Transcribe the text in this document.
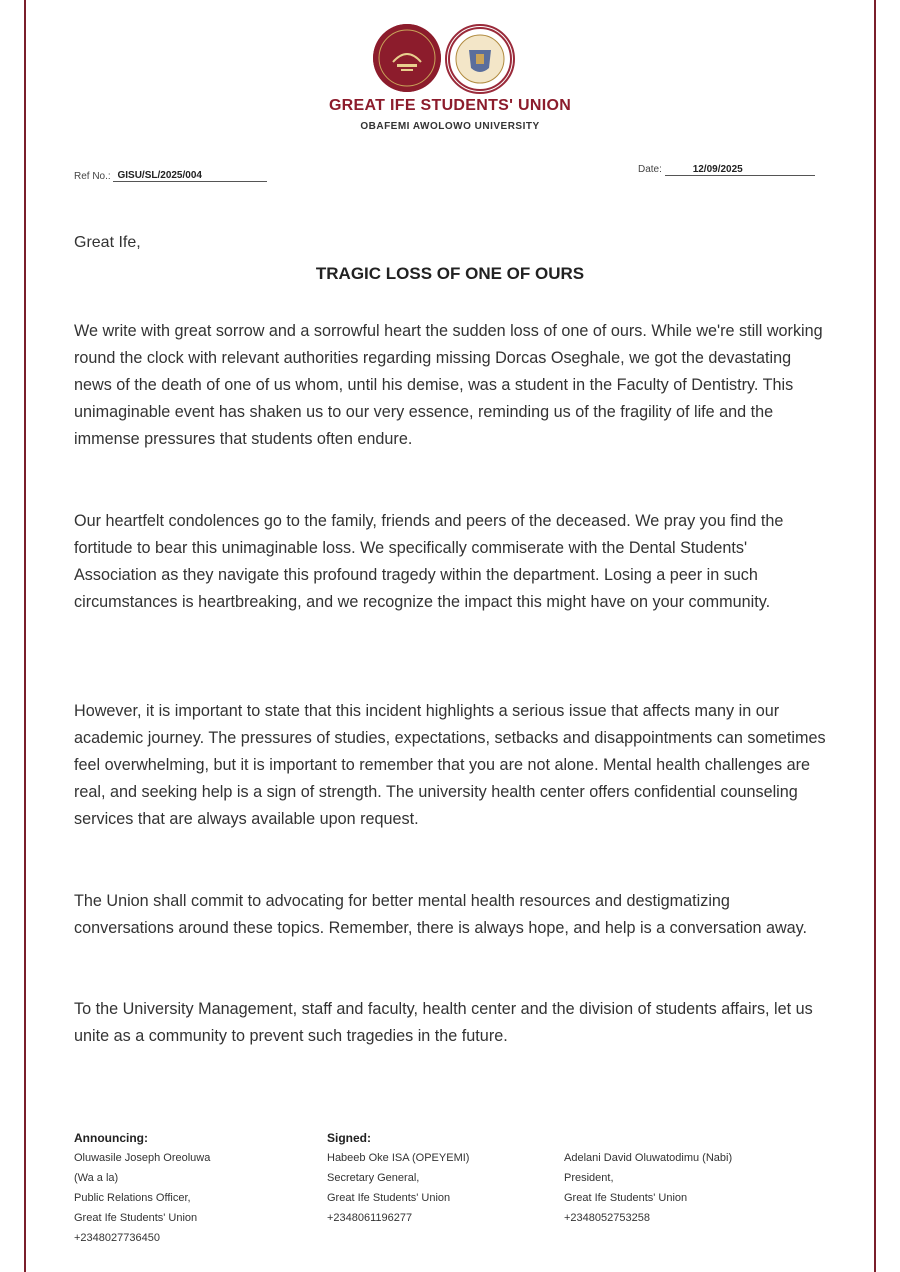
GREAT IFE STUDENTS' UNION
OBAFEMI AWOLOWO UNIVERSITY
Ref No.: GISU/SL/2025/004
Date:	12/09/2025
Great Ife,
TRAGIC LOSS OF ONE OF OURS
We write with great sorrow and a sorrowful heart the sudden loss of one of ours. While we're still working round the clock with relevant authorities regarding missing Dorcas Oseghale, we got the devastating news of the death of one of us whom, until his demise, was a student in the Faculty of Dentistry. This unimaginable event has shaken us to our very essence, reminding us of the fragility of life and the immense pressures that students often endure.
Our heartfelt condolences go to the family, friends and peers of the deceased. We pray you find the fortitude to bear this unimaginable loss. We specifically commiserate with the Dental Students' Association as they navigate this profound tragedy within the department. Losing a peer in such circumstances is heartbreaking, and we recognize the impact this might have on your community.
However, it is important to state that this incident highlights a serious issue that affects many in our academic journey. The pressures of studies, expectations, setbacks and disappointments can sometimes feel overwhelming, but it is important to remember that you are not alone. Mental health challenges are real, and seeking help is a sign of strength. The university health center offers confidential counseling services that are always available upon request.
The Union shall commit to advocating for better mental health resources and destigmatizing conversations around these topics. Remember, there is always hope, and help is a conversation away.
To the University Management, staff and faculty, health center and the division of students affairs, let us unite as a community to prevent such tragedies in the future.
Announcing:
Oluwasile Joseph Oreoluwa
(Wa a la)
Public Relations Officer,
Great Ife Students' Union
+2348027736450
Signed:
Habeeb Oke ISA (OPEYEMI)
Secretary General,
Great Ife Students' Union
+2348061196277
Adelani David Oluwatodimu (Nabi)
President,
Great Ife Students' Union
+2348052753258
